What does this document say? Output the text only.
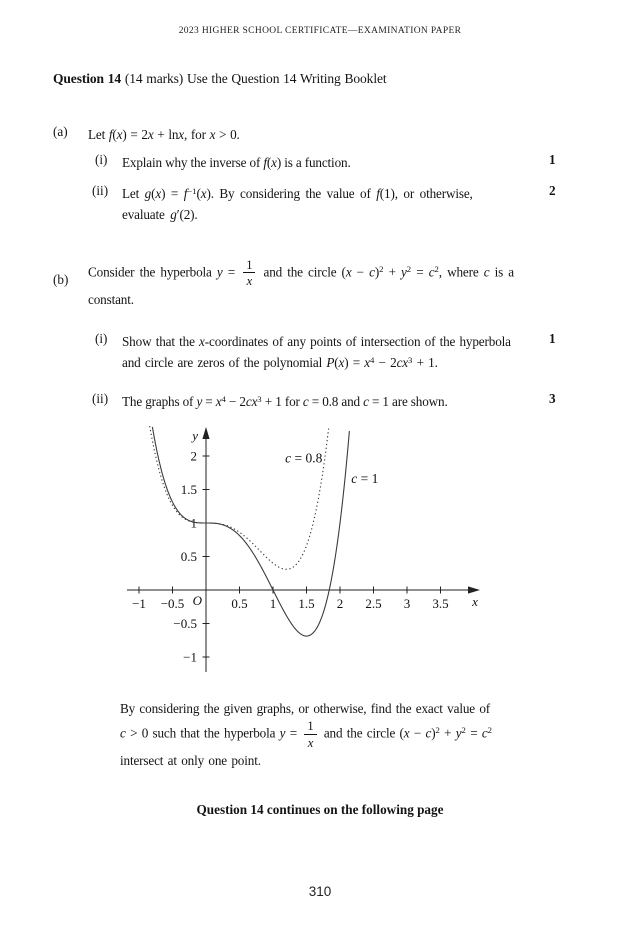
2023 HIGHER SCHOOL CERTIFICATE—EXAMINATION PAPER
Question 14 (14 marks) Use the Question 14 Writing Booklet
(a) Let f(x) = 2x + lnx, for x > 0.
(i) Explain why the inverse of f(x) is a function.	1
(ii) Let $g(x) = f^{-1}(x)$. By considering the value of f(1), or otherwise,
evaluate g′(2).
2
(b)
Consider the hyperbola $y = \frac{1}{x}$ and the circle $(x - c)^2 + y^2 = c^2$, where c is a
constant.
(i) Show that the x-coordinates of any points of intersection of the hyperbola
and circle are zeros of the polynomial $P(x) = x^4 - 2cx^3 + 1$.
1
(ii) The graphs of $y = x^4 - 2cx^3 + 1$ for c = 0.8 and c = 1 are shown.	3
−1 −0.5	0.5 1 1.5 2 2.5 3 3.5
2
1.5
1
0.5
−0.5
−1
O	x
y
c = 0.8
c = 1
By considering the given graphs, or otherwise, find the exact value of
c > 0 such that the hyperbola $y = \frac{1}{x}$ and the circle $(x - c)^2 + y^2 = c^2$
intersect at only one point.
Question 14 continues on the following page
310
